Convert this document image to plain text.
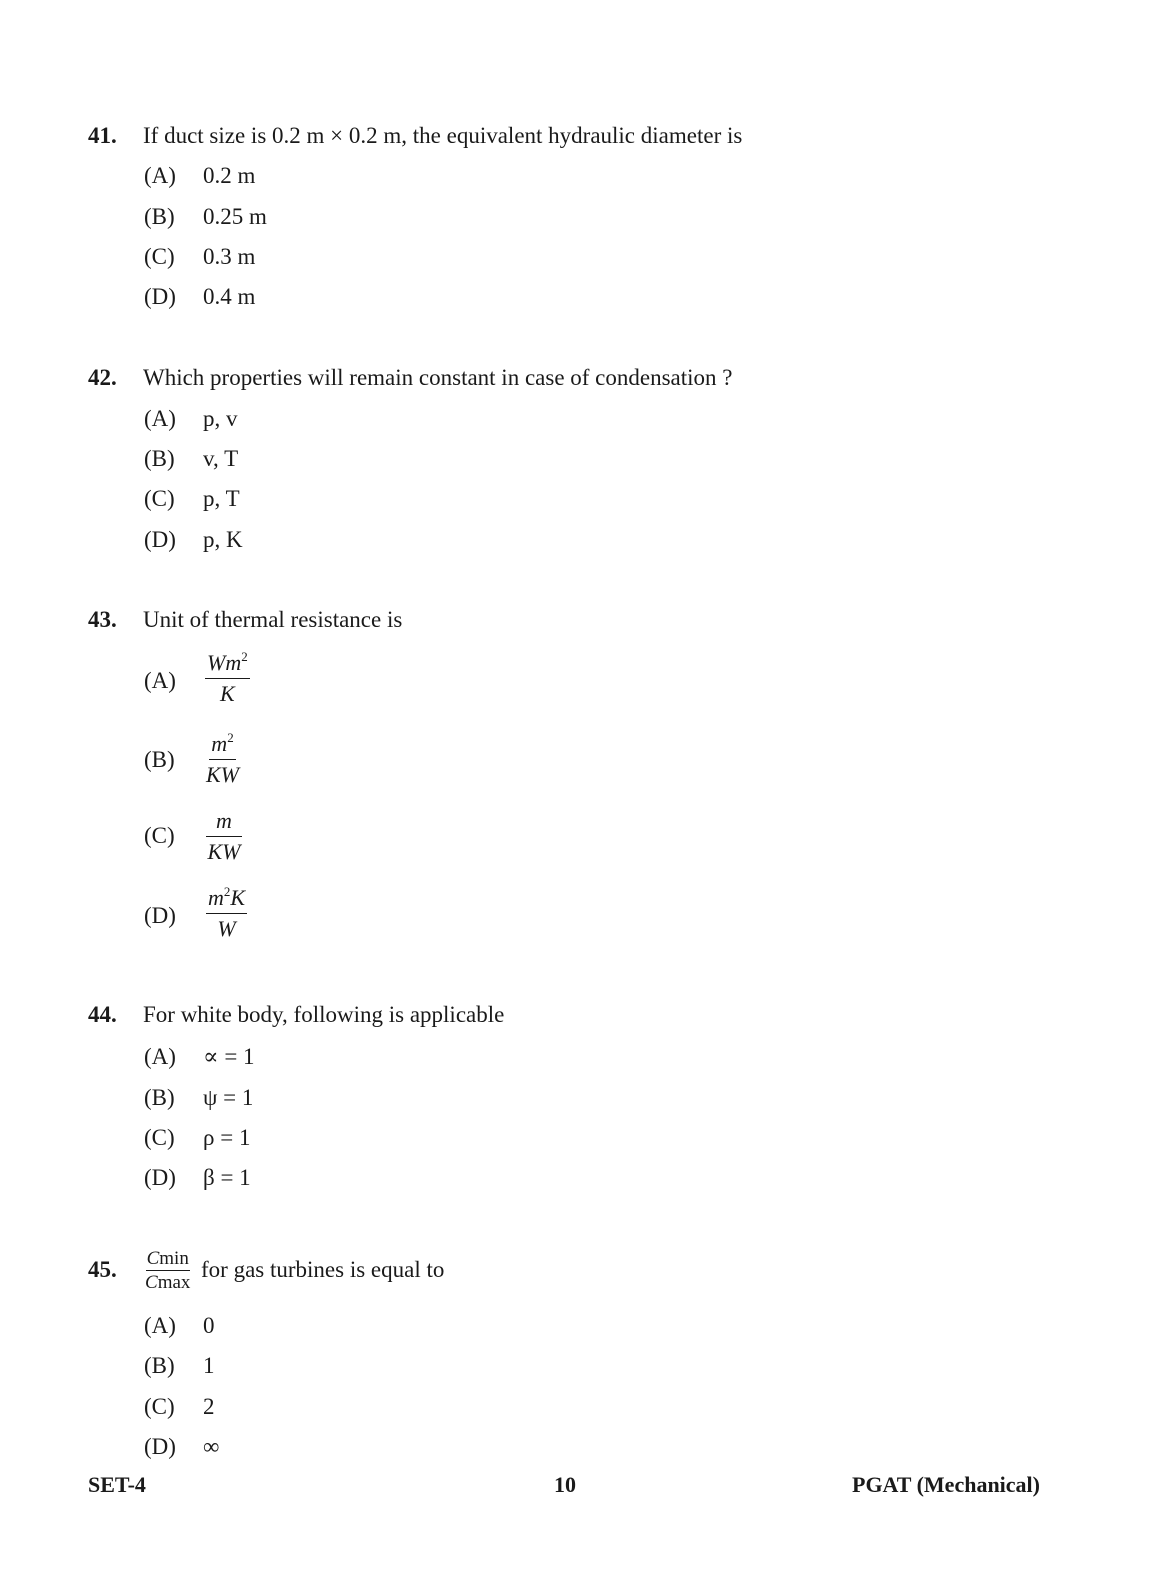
41. If duct size is 0.2 m × 0.2 m, the equivalent hydraulic diameter is
(A) 0.2 m
(B) 0.25 m
(C) 0.3 m
(D) 0.4 m
42. Which properties will remain constant in case of condensation ?
(A) p, v
(B) v, T
(C) p, T
(D) p, K
43. Unit of thermal resistance is
$(A) \frac{Wm^2}{K}$
$(B) \frac{m^2}{KW}$
$(C) \frac{m}{KW}$
$(D) \frac{m^2K}{W}$
44. For white body, following is applicable
(A) ∝ = 1
(B) ψ = 1
(C) ρ = 1
(D) β = 1
45. Cmin
Cmax
for gas turbines is equal to
(A) 0
(B) 1
(C) 2
(D) ∞
SET-4	10	PGAT (Mechanical)
